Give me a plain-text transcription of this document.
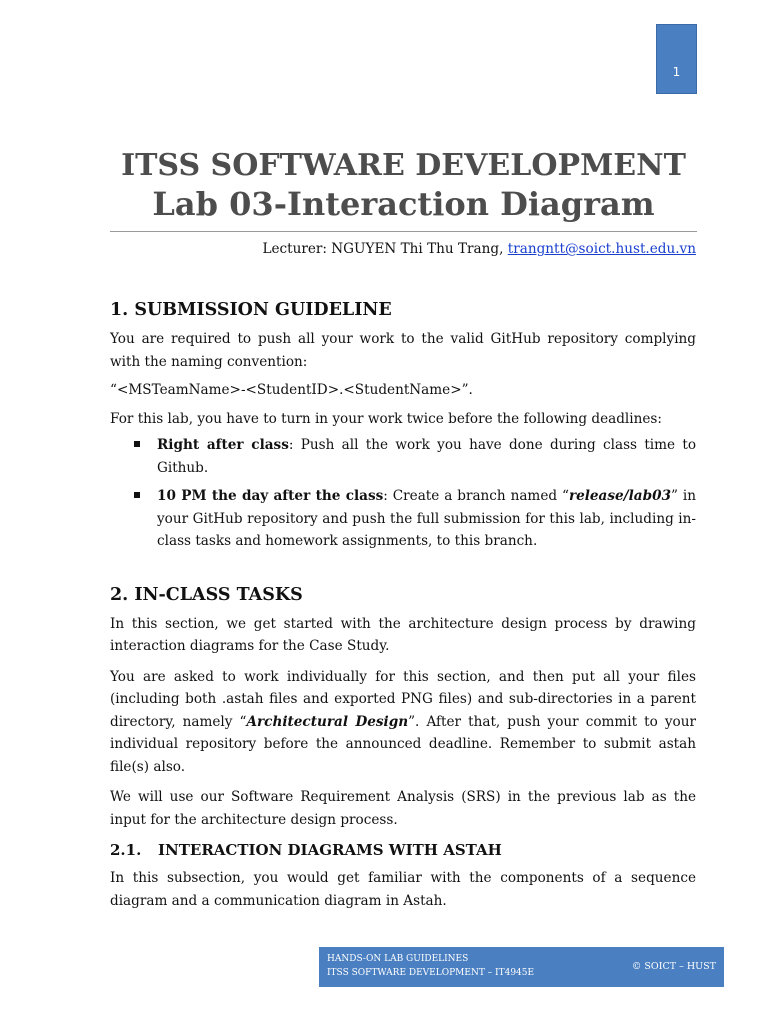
1
ITSS SOFTWARE DEVELOPMENT
Lab 03-Interaction Diagram
Lecturer: NGUYEN Thi Thu Trang, trangntt@soict.hust.edu.vn
1. SUBMISSION GUIDELINE

You are required to push all your work to the valid GitHub repository complying with the naming convention:

“<MSTeamName>-<StudentID>.<StudentName>”.

For this lab, you have to turn in your work twice before the following deadlines:

Right after class: Push all the work you have done during class time to Github.
10 PM the day after the class: Create a branch named “release/lab03” in your GitHub repository and push the full submission for this lab, including in-class tasks and homework assignments, to this branch.
2. IN-CLASS TASKS

In this section, we get started with the architecture design process by drawing interaction diagrams for the Case Study.

You are asked to work individually for this section, and then put all your files (including both .astah files and exported PNG files) and sub-directories in a parent directory, namely “Architectural Design”. After that, push your commit to your individual repository before the announced deadline. Remember to submit astah file(s) also.

We will use our Software Requirement Analysis (SRS) in the previous lab as the input for the architecture design process.

2.1. INTERACTION DIAGRAMS WITH ASTAH

In this subsection, you would get familiar with the components of a sequence diagram and a communication diagram in Astah.

HANDS-ON LAB GUIDELINES
ITSS SOFTWARE DEVELOPMENT – IT4945E
© SOICT – HUST
